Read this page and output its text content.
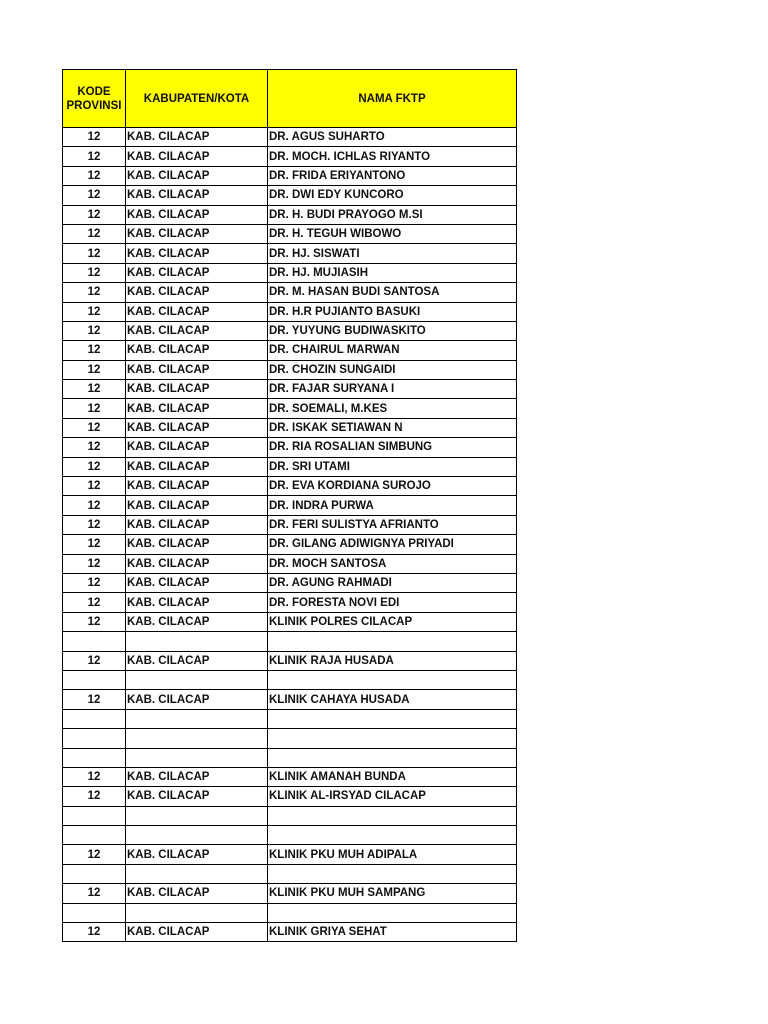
KODE
PROVINSI	KABUPATEN/KOTA	NAMA FKTP
12	KAB. CILACAP	DR. AGUS SUHARTO
12	KAB. CILACAP	DR. MOCH. ICHLAS RIYANTO
12	KAB. CILACAP	DR. FRIDA ERIYANTONO
12	KAB. CILACAP	DR. DWI EDY KUNCORO
12	KAB. CILACAP	DR. H. BUDI PRAYOGO M.SI
12	KAB. CILACAP	DR. H. TEGUH WIBOWO
12	KAB. CILACAP	DR. HJ. SISWATI
12	KAB. CILACAP	DR. HJ. MUJIASIH
12	KAB. CILACAP	DR. M. HASAN BUDI SANTOSA
12	KAB. CILACAP	DR. H.R PUJIANTO BASUKI
12	KAB. CILACAP	DR. YUYUNG BUDIWASKITO
12	KAB. CILACAP	DR. CHAIRUL MARWAN
12	KAB. CILACAP	DR. CHOZIN SUNGAIDI
12	KAB. CILACAP	DR. FAJAR SURYANA I
12	KAB. CILACAP	DR. SOEMALI, M.KES
12	KAB. CILACAP	DR. ISKAK SETIAWAN N
12	KAB. CILACAP	DR. RIA ROSALIAN SIMBUNG
12	KAB. CILACAP	DR. SRI UTAMI
12	KAB. CILACAP	DR. EVA KORDIANA SUROJO
12	KAB. CILACAP	DR. INDRA PURWA
12	KAB. CILACAP	DR. FERI SULISTYA AFRIANTO
12	KAB. CILACAP	DR. GILANG ADIWIGNYA PRIYADI
12	KAB. CILACAP	DR. MOCH SANTOSA
12	KAB. CILACAP	DR. AGUNG RAHMADI
12	KAB. CILACAP	DR. FORESTA NOVI EDI
12	KAB. CILACAP	KLINIK POLRES CILACAP

12	KAB. CILACAP	KLINIK RAJA HUSADA

12	KAB. CILACAP	KLINIK CAHAYA HUSADA

12	KAB. CILACAP	KLINIK AMANAH BUNDA
12	KAB. CILACAP	KLINIK AL-IRSYAD CILACAP

12	KAB. CILACAP	KLINIK PKU MUH ADIPALA

12	KAB. CILACAP	KLINIK PKU MUH SAMPANG

12	KAB. CILACAP	KLINIK GRIYA SEHAT
